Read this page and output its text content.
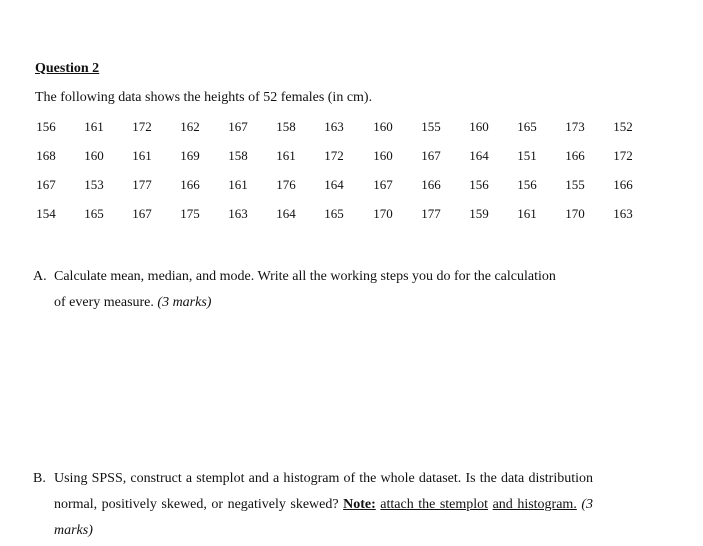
Question 2
The following data shows the heights of 52 females (in cm).
156	161	172	162	167	158	163	160	155	160	165	173	152
168	160	161	169	158	161	172	160	167	164	151	166	172
167	153	177	166	161	176	164	167	166	156	156	155	166
154	165	167	175	163	164	165	170	177	159	161	170	163
A. Calculate mean, median, and mode. Write all the working steps you do for the calculation
of every measure. (3 marks)
B. Using SPSS, construct a stemplot and a histogram of the whole dataset. Is the data distribution normal, positively skewed, or negatively skewed? Note: attach the stemplot and histogram. (3 marks)
